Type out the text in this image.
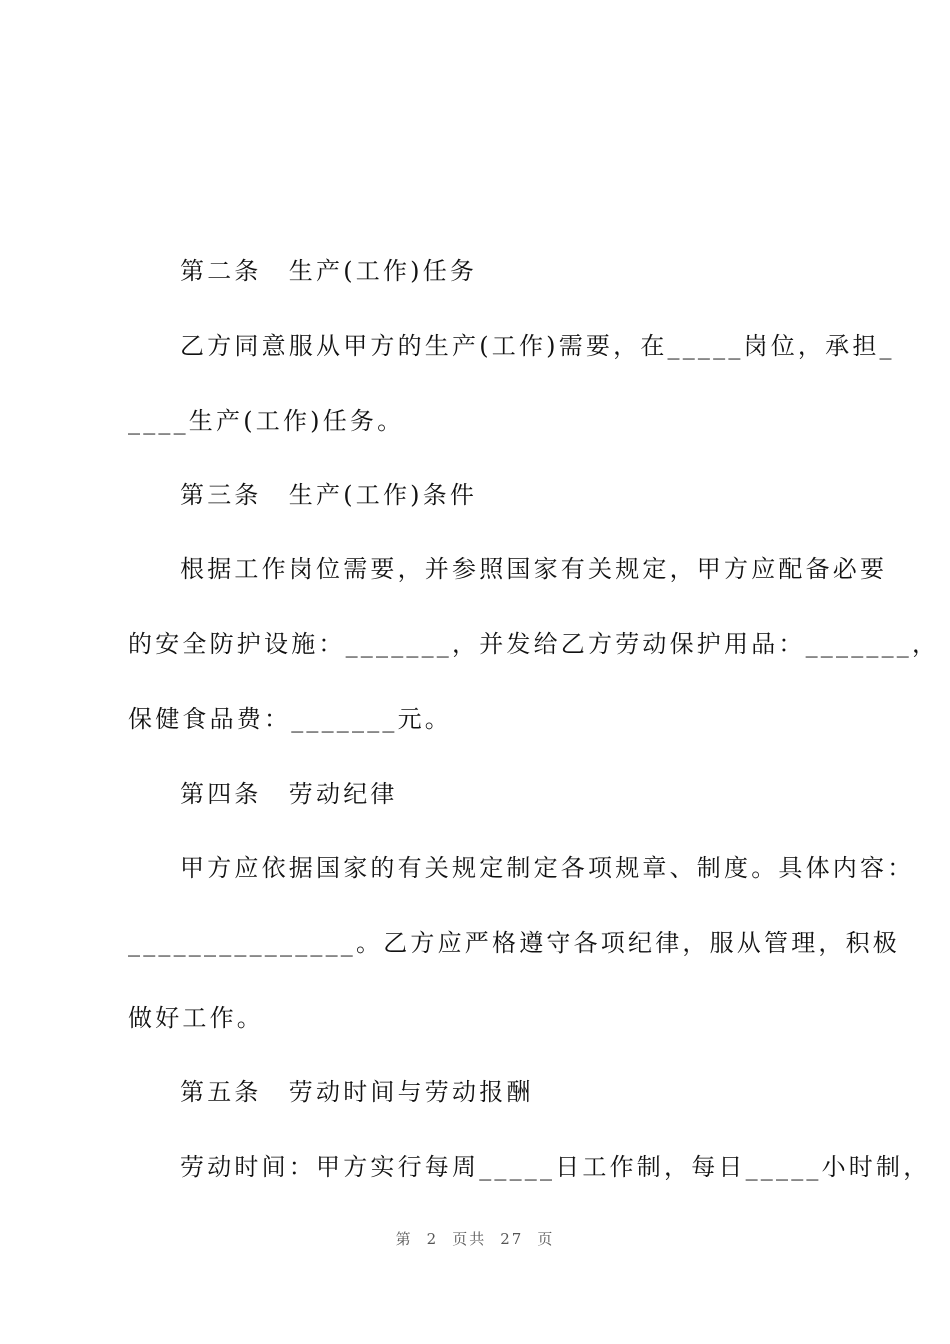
第二条　生产(工作)任务
乙方同意服从甲方的生产(工作)需要，在_____岗位，承担_
____生产(工作)任务。
第三条　生产(工作)条件
根据工作岗位需要，并参照国家有关规定，甲方应配备必要
的安全防护设施：_______，并发给乙方劳动保护用品：_______，
保健食品费：_______元。
第四条　劳动纪律
甲方应依据国家的有关规定制定各项规章、制度。具体内容：
_______________。乙方应严格遵守各项纪律，服从管理，积极
做好工作。
第五条　劳动时间与劳动报酬
劳动时间：甲方实行每周_____日工作制，每日_____小时制，
第 2 页共 27 页
